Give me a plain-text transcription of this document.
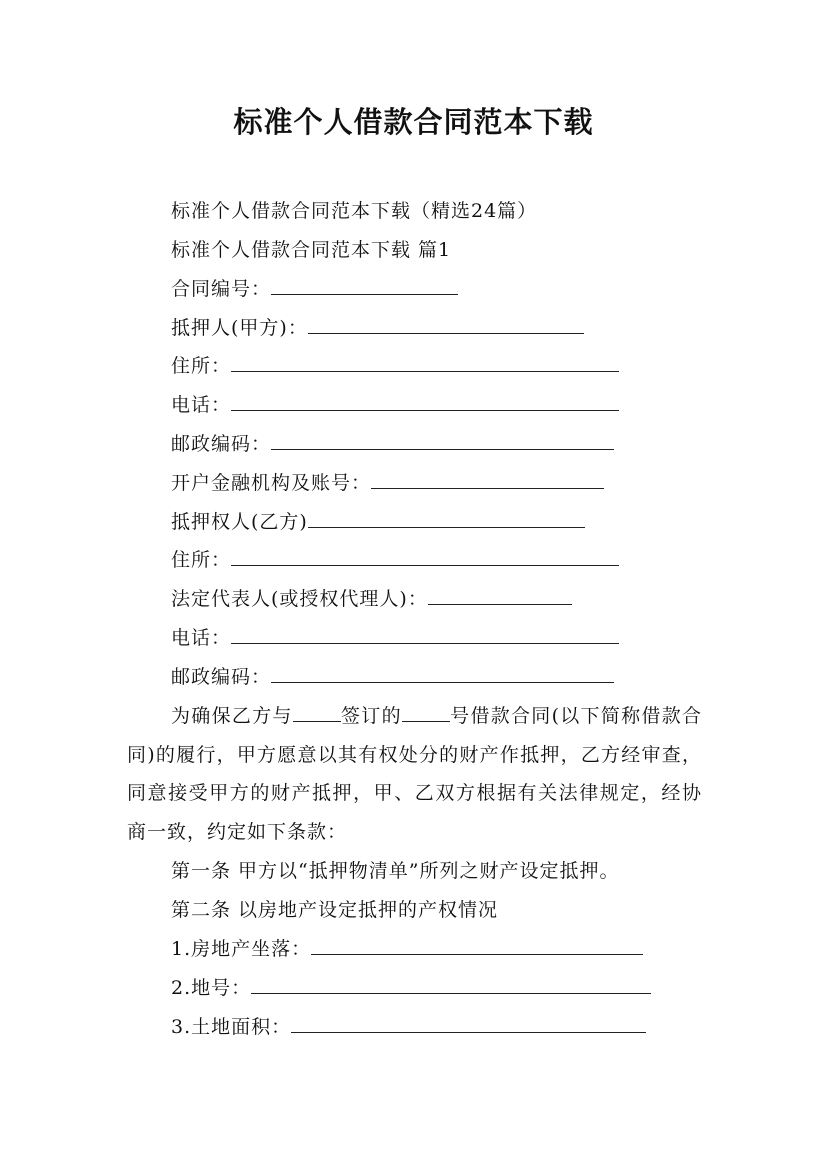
标准个人借款合同范本下载
标准个人借款合同范本下载（精选24篇）
标准个人借款合同范本下载 篇1
合同编号：
抵押人(甲方)：
住所：
电话：
邮政编码：
开户金融机构及账号：
抵押权人(乙方)
住所：
法定代表人(或授权代理人)：
电话：
邮政编码：

为确保乙方与	签订的	号借款合同(以下简称借款合同)的履行，甲方愿意以其有权处分的财产作抵押，乙方经审查，同意接受甲方的财产抵押，甲、乙双方根据有关法律规定，经协商一致，约定如下条款：

第一条 甲方以“抵押物清单”所列之财产设定抵押。
第二条 以房地产设定抵押的产权情况
1.房地产坐落：
2.地号：
3.土地面积：
